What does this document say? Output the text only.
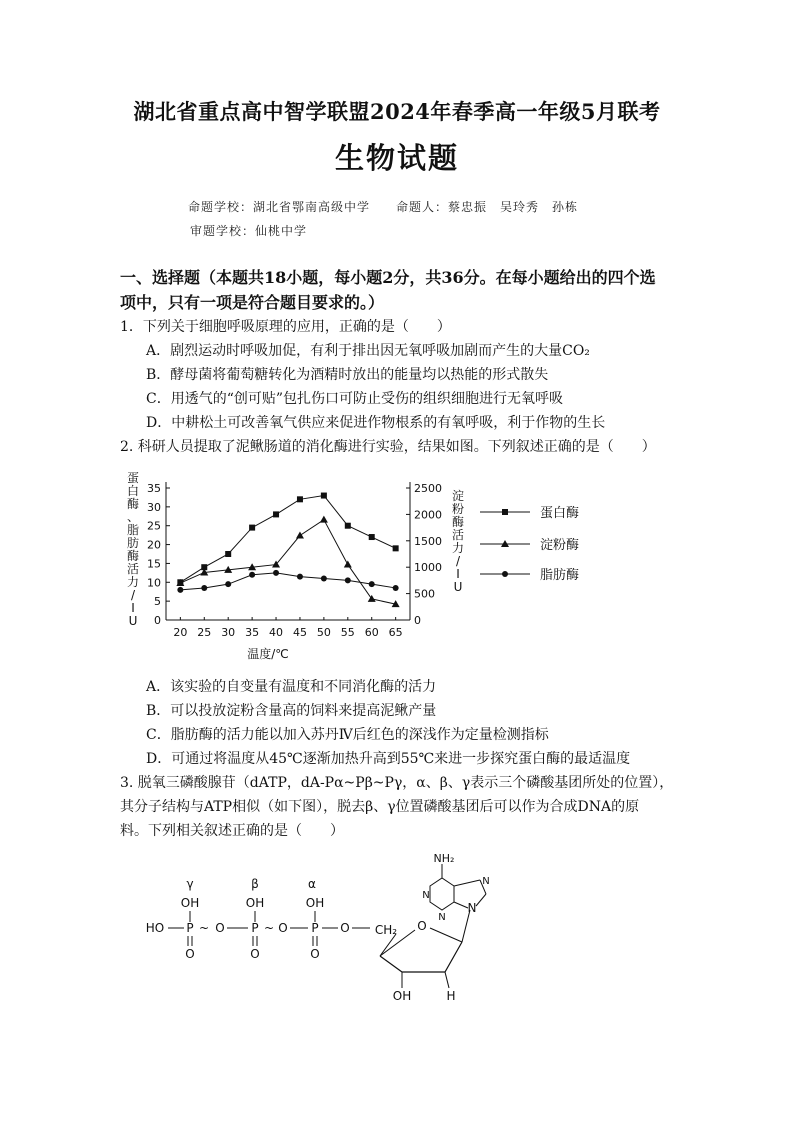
湖北省重点高中智学联盟2024年春季高一年级5月联考
生物试题
命题学校：湖北省鄂南高级中学　　命题人：蔡忠振　吴玲秀　孙栋
审题学校：仙桃中学
一、选择题（本题共18小题，每小题2分，共36分。在每小题给出的四个选
项中，只有一项是符合题目要求的。）
1．下列关于细胞呼吸原理的应用，正确的是（　　）
A．剧烈运动时呼吸加促，有利于排出因无氧呼吸加剧而产生的大量CO₂
B．酵母菌将葡萄糖转化为酒精时放出的能量均以热能的形式散失
C．用透气的“创可贴”包扎伤口可防止受伤的组织细胞进行无氧呼吸
D．中耕松土可改善氧气供应来促进作物根系的有氧呼吸，利于作物的生长
2. 科研人员提取了泥鳅肠道的消化酶进行实验，结果如图。下列叙述正确的是（　　）
0
5
10
15
20
25
30
35
0
500
1000
1500
2000
2500
20 25 30 35 40 45 50 55 60 65
温度/℃
蛋
白
酶
、
脂
肪
酶
活
力
/
I
U
淀
粉
酶
活
力
/
I
U
蛋白酶
淀粉酶
脂肪酶
A．该实验的自变量有温度和不同消化酶的活力
B．可以投放淀粉含量高的饲料来提高泥鳅产量
C．脂肪酶的活力能以加入苏丹Ⅳ后红色的深浅作为定量检测指标
D．可通过将温度从45℃逐渐加热升高到55℃来进一步探究蛋白酶的最适温度
3. 脱氧三磷酸腺苷（dATP，dA-Pα~Pβ~Pγ，α、β、γ表示三个磷酸基团所处的位置），
其分子结构与ATP相似（如下图），脱去β、γ位置磷酸基团后可以作为合成DNA的原
料。下列相关叙述正确的是（　　）
γ	β	α
OH	OH	OH
HO P ~ O P ~ O P O CH₂
O	O	O
O
OH	H
N
NH₂
N
N
N
